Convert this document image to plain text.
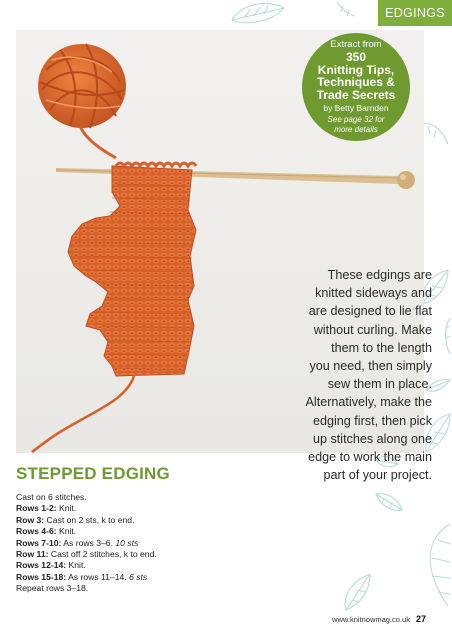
EDGINGS
These edgings are
knitted sideways and
are designed to lie flat
without curling. Make
them to the length
you need, then simply
sew them in place.
Alternatively, make the
edging first, then pick
up stitches along one
edge to work the main
part of your project.
Extract from
350
Knitting Tips,
Techniques &
Trade Secrets
by Betty Barnden
See page 32 for
more details
STEPPED EDGING
Cast on 6 stitches.
Rows 1-2: Knit.
Row 3: Cast on 2 sts, k to end.
Rows 4-6: Knit.
Rows 7-10: As rows 3–6. 10 sts
Row 11: Cast off 2 stitches, k to end.
Rows 12-14: Knit.
Rows 15-18: As rows 11–14. 6 sts
Repeat rows 3–18.
www.knitnowmag.co.uk 27
